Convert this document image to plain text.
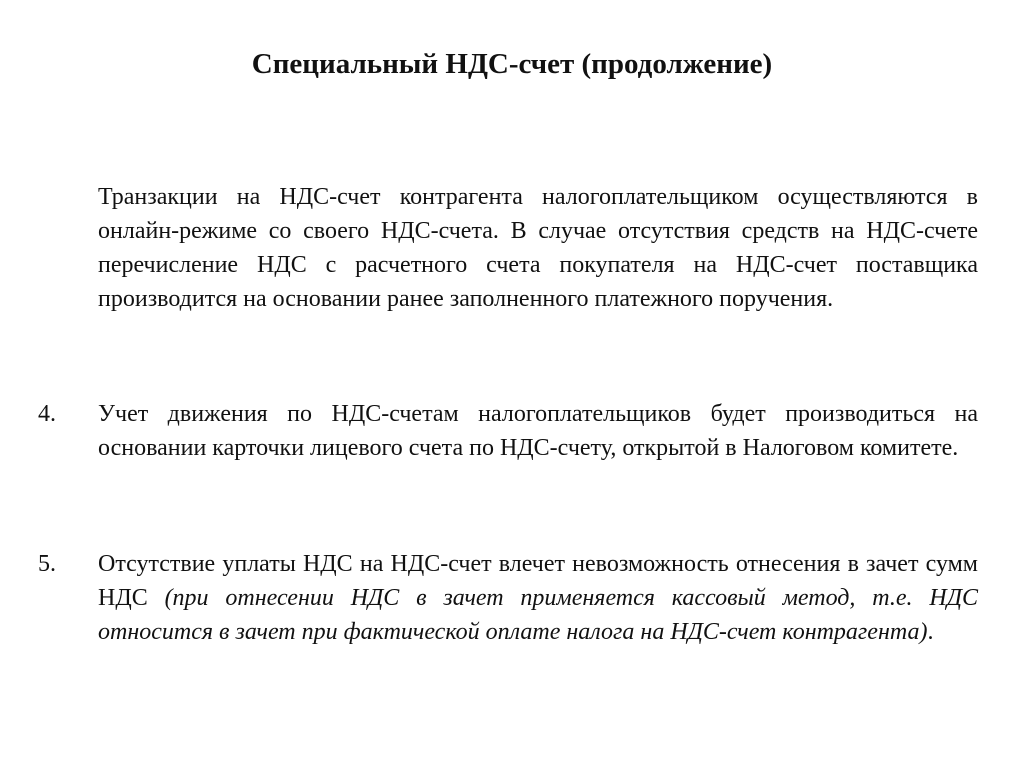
Специальный НДС-счет (продолжение)
Транзакции на НДС-счет контрагента налогоплательщиком осуществляются в онлайн-режиме со своего НДС-счета. В случае отсутствия средств на НДС-счете перечисление НДС с расчетного счета покупателя на НДС-счет поставщика производится на основании ранее заполненного платежного поручения.
4. Учет движения по НДС-счетам налогоплательщиков будет производиться на основании карточки лицевого счета по НДС-счету, открытой в Налоговом комитете.
5. Отсутствие уплаты НДС на НДС-счет влечет невозможность отнесения в зачет сумм НДС (при отнесении НДС в зачет применяется кассовый метод, т.е. НДС относится в зачет при фактической оплате налога на НДС-счет контрагента).
